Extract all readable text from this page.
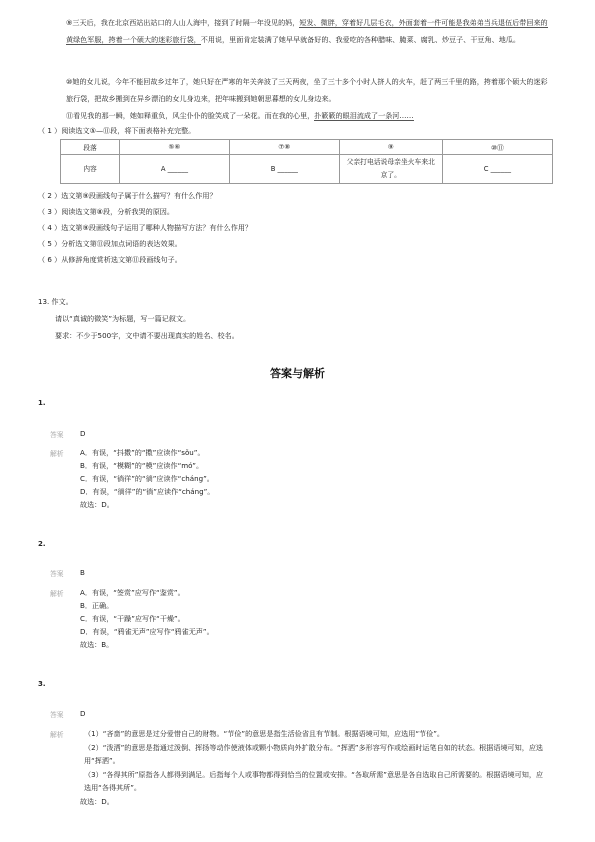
⑨三天后，我在北京西站出站口的人山人海中，接到了时隔一年没见的妈，短发、微胖，穿着好几层毛衣，外面套着一件可能是我弟弟当兵退伍后带回来的黄绿色军服，挎着一个硕大的迷彩旅行袋，不用说，里面肯定装满了她早早就备好的、我爱吃的各种腊味、腌菜、腐乳、炒豆子、干豆角、地瓜。
⑩她的女儿说，今年不能回故乡过年了，她只好在严寒的年关奔波了三天两夜，坐了三十多个小时人挤人的火车，赶了两三千里的路，挎着那个硕大的迷彩旅行袋，把故乡搬到在异乡漂泊的女儿身边来，把年味搬到她朝思暮想的女儿身边来。
⑪看见我的那一瞬，她如释重负，风尘仆仆的脸笑成了一朵花。而在我的心里，扑簌簌的眼泪流成了一条河……
（ 1 ）阅读选文⑤—⑪段，将下面表格补充完整。
段落	⑤⑥	⑦⑧	⑨	⑩⑪
内容	A ______	B ______	父亲打电话说母亲坐火车来北京了。	C ______
（ 2 ）选文第⑨段画线句子属于什么描写？有什么作用？
（ 3 ）阅读选文第⑧段，分析我哭的原因。
（ 4 ）选文第⑨段画线句子运用了哪种人物描写方法？有什么作用？
（ 5 ）分析选文第⑪段加点词语的表达效果。
（ 6 ）从修辞角度赏析选文第⑪段画线句子。
13. 作文。
请以“真诚的微笑”为标题，写一篇记叙文。
要求：不少于500字，文中请不要出现真实的姓名、校名。
答案与解析
1.
答案 D
解析 A．有误，“抖擞”的“擞”应读作“sǒu”。
B．有误，“模糊”的“模”应读作“mó”。
C．有误，“徜徉”的“徜”应读作“cháng”。
D．有误，“徜徉”的“徜”应读作“cháng”。
故选：D。
2.
答案 B
解析 A．有误，“签赏”应写作“鉴赏”。
B．正确。
C．有误，“干躁”应写作“干燥”。
D．有误，“鸦雀无声”应写作“鸦雀无声”。
故选：B。
3.
答案 D
解析	（1）“吝啬”的意思是过分爱惜自己的财物。“节俭”的意思是指生活俭省且有节制。根据语境可知，应选用“节俭”。
（2）“泼洒”的意思是指通过泼倒、挥扬等动作使液体或颗小物质向外扩散分布。“挥洒”多形容写作或绘画时运笔自如的状态。根据语境可知，应选用“挥洒”。
（3）“各得其所”原指各人都得到满足。后指每个人或事物都得到恰当的位置或安排。“各取所需”意思是各自选取自己所需要的。根据语境可知，应选用“各得其所”。
故选：D。
